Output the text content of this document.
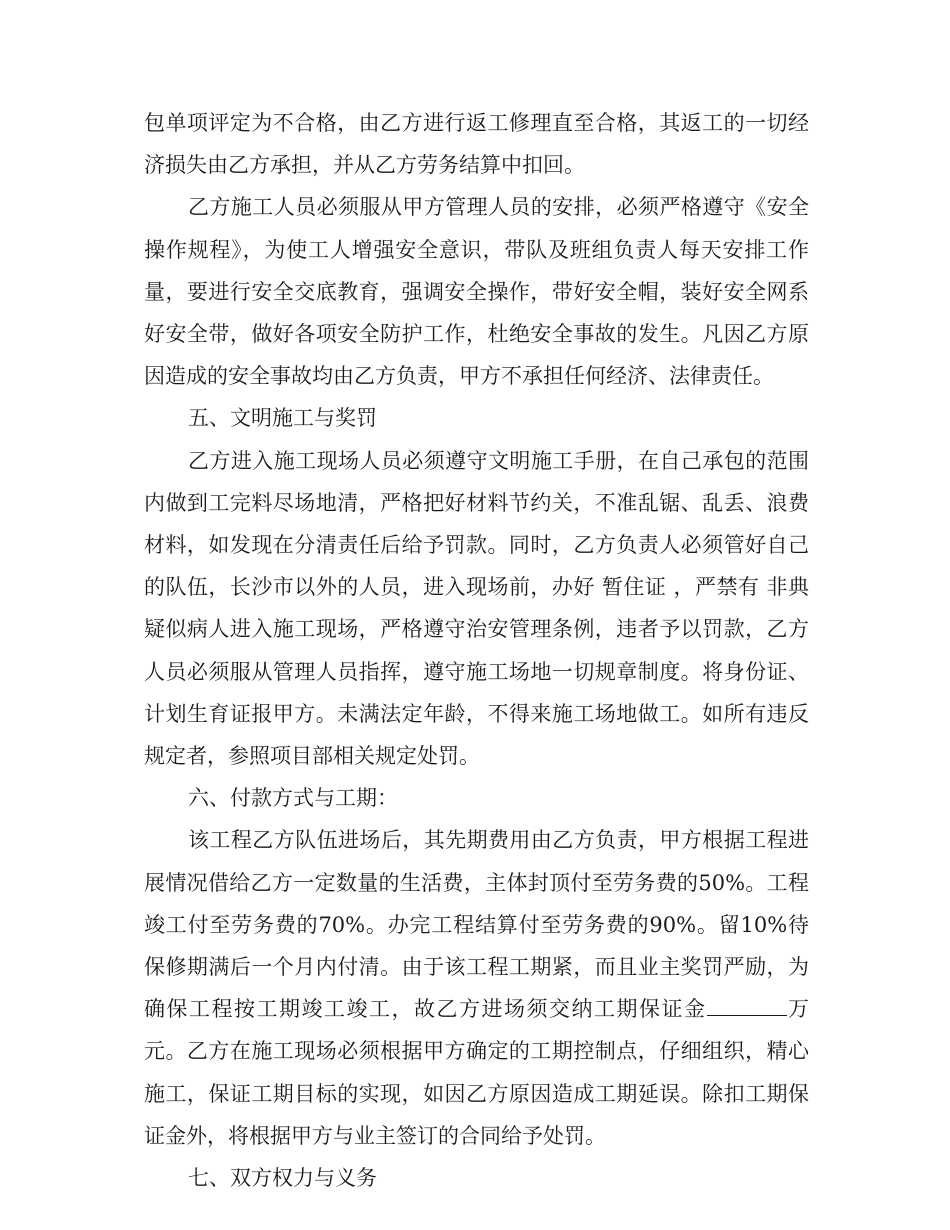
包单项评定为不合格，由乙方进行返工修理直至合格，其返工的一切经济损失由乙方承担，并从乙方劳务结算中扣回。

乙方施工人员必须服从甲方管理人员的安排，必须严格遵守《安全操作规程》，为使工人增强安全意识，带队及班组负责人每天安排工作量，要进行安全交底教育，强调安全操作，带好安全帽，装好安全网系好安全带，做好各项安全防护工作，杜绝安全事故的发生。凡因乙方原因造成的安全事故均由乙方负责，甲方不承担任何经济、法律责任。

五、文明施工与奖罚

乙方进入施工现场人员必须遵守文明施工手册，在自己承包的范围内做到工完料尽场地清，严格把好材料节约关，不准乱锯、乱丢、浪费材料，如发现在分清责任后给予罚款。同时，乙方负责人必须管好自己的队伍，长沙市以外的人员，进入现场前，办好 暂住证 ，严禁有 非典 疑似病人进入施工现场，严格遵守治安管理条例，违者予以罚款，乙方人员必须服从管理人员指挥，遵守施工场地一切规章制度。将身份证、计划生育证报甲方。未满法定年龄，不得来施工场地做工。如所有违反规定者，参照项目部相关规定处罚。

六、付款方式与工期：

该工程乙方队伍进场后，其先期费用由乙方负责，甲方根据工程进展情况借给乙方一定数量的生活费，主体封顶付至劳务费的50%。工程竣工付至劳务费的70%。办完工程结算付至劳务费的90%。留10%待保修期满后一个月内付清。由于该工程工期紧，而且业主奖罚严励，为确保工程按工期竣工竣工，故乙方进场须交纳工期保证金	万元。乙方在施工现场必须根据甲方确定的工期控制点，仔细组织，精心施工，保证工期目标的实现，如因乙方原因造成工期延误。除扣工期保证金外，将根据甲方与业主签订的合同给予处罚。

七、双方权力与义务
